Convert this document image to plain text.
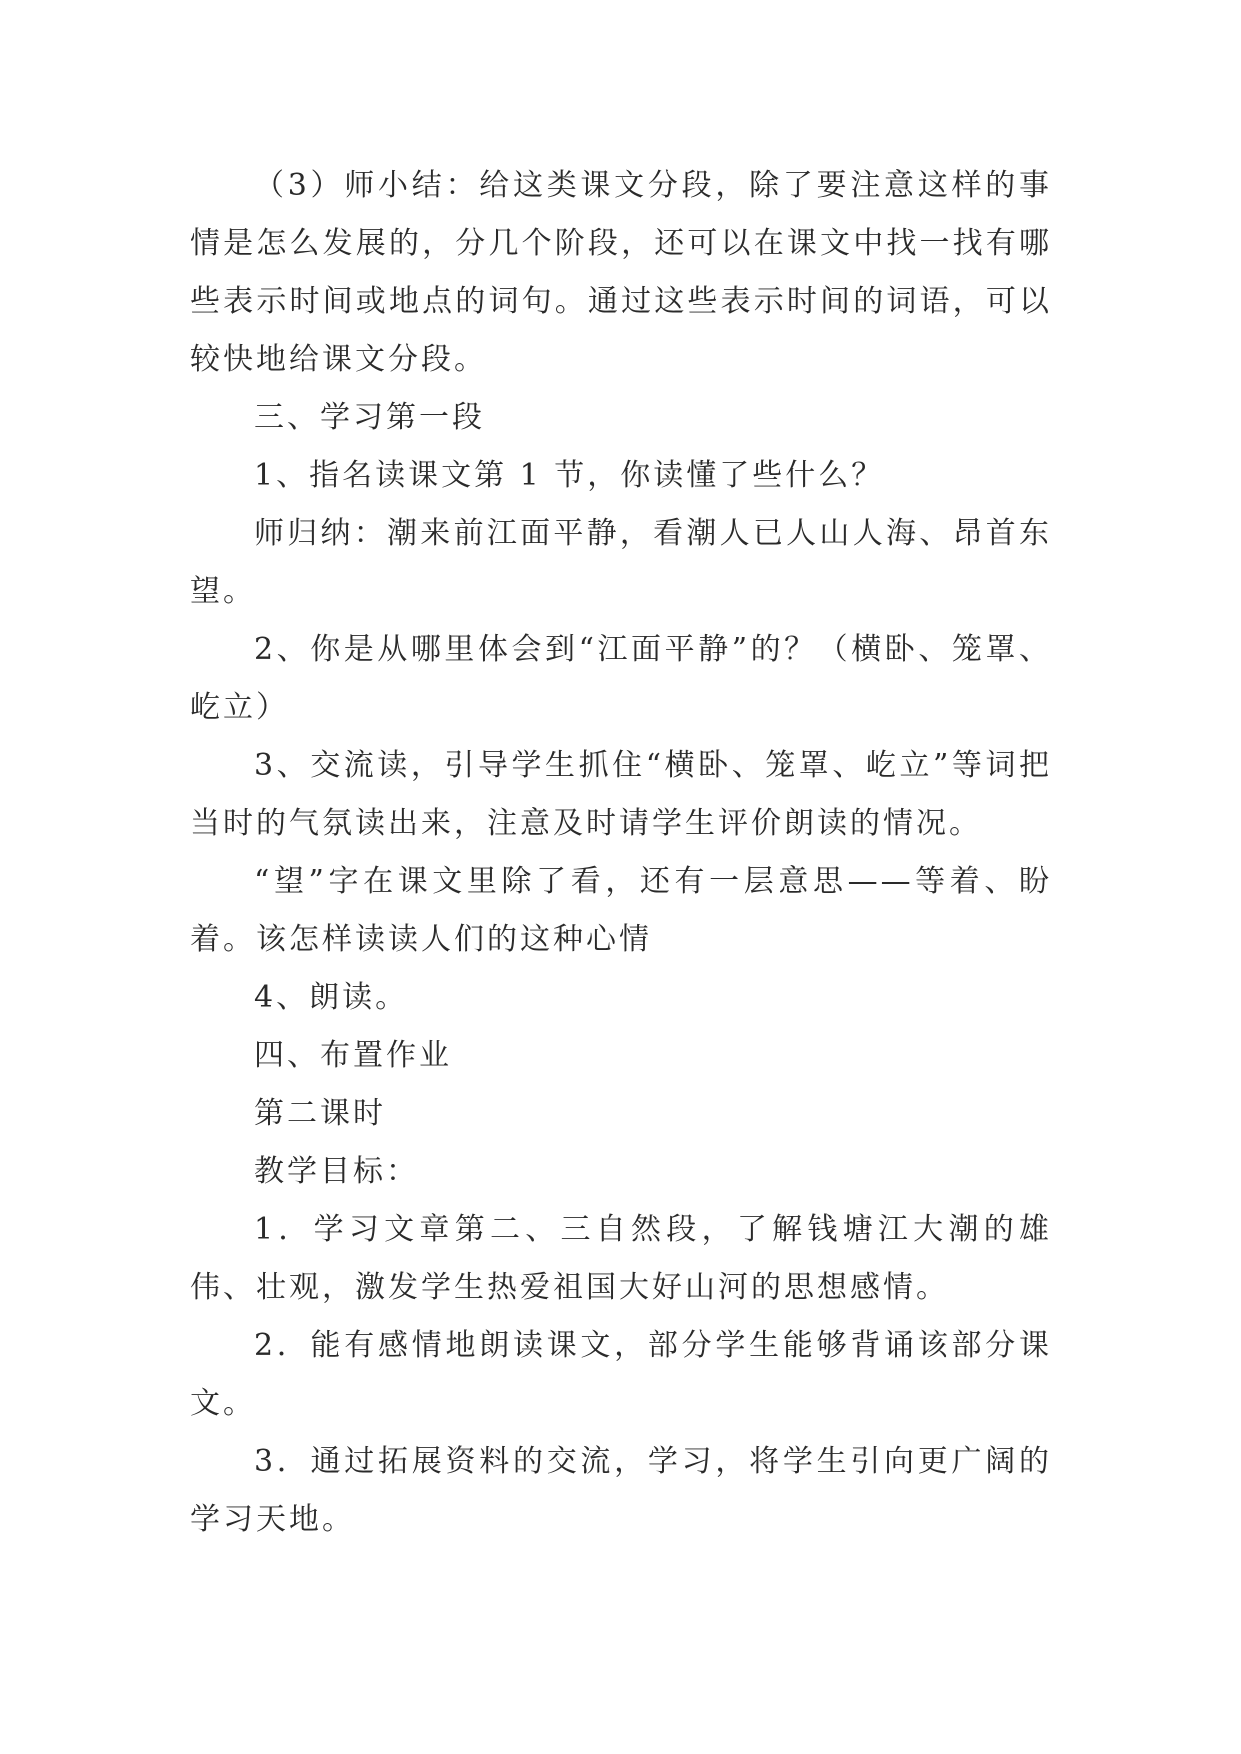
（3）师小结：给这类课文分段，除了要注意这样的事情是怎么发展的，分几个阶段，还可以在课文中找一找有哪些表示时间或地点的词句。通过这些表示时间的词语，可以较快地给课文分段。

三、学习第一段

1、指名读课文第 1 节，你读懂了些什么？

师归纳：潮来前江面平静，看潮人已人山人海、昂首东望。

2、你是从哪里体会到“江面平静”的？（横卧、笼罩、屹立）

3、交流读，引导学生抓住“横卧、笼罩、屹立”等词把当时的气氛读出来，注意及时请学生评价朗读的情况。

“望”字在课文里除了看，还有一层意思——等着、盼着。该怎样读读人们的这种心情

4、朗读。

四、布置作业

第二课时

教学目标：

1．学习文章第二、三自然段，了解钱塘江大潮的雄伟、壮观，激发学生热爱祖国大好山河的思想感情。

2．能有感情地朗读课文，部分学生能够背诵该部分课文。

3．通过拓展资料的交流，学习，将学生引向更广阔的学习天地。
